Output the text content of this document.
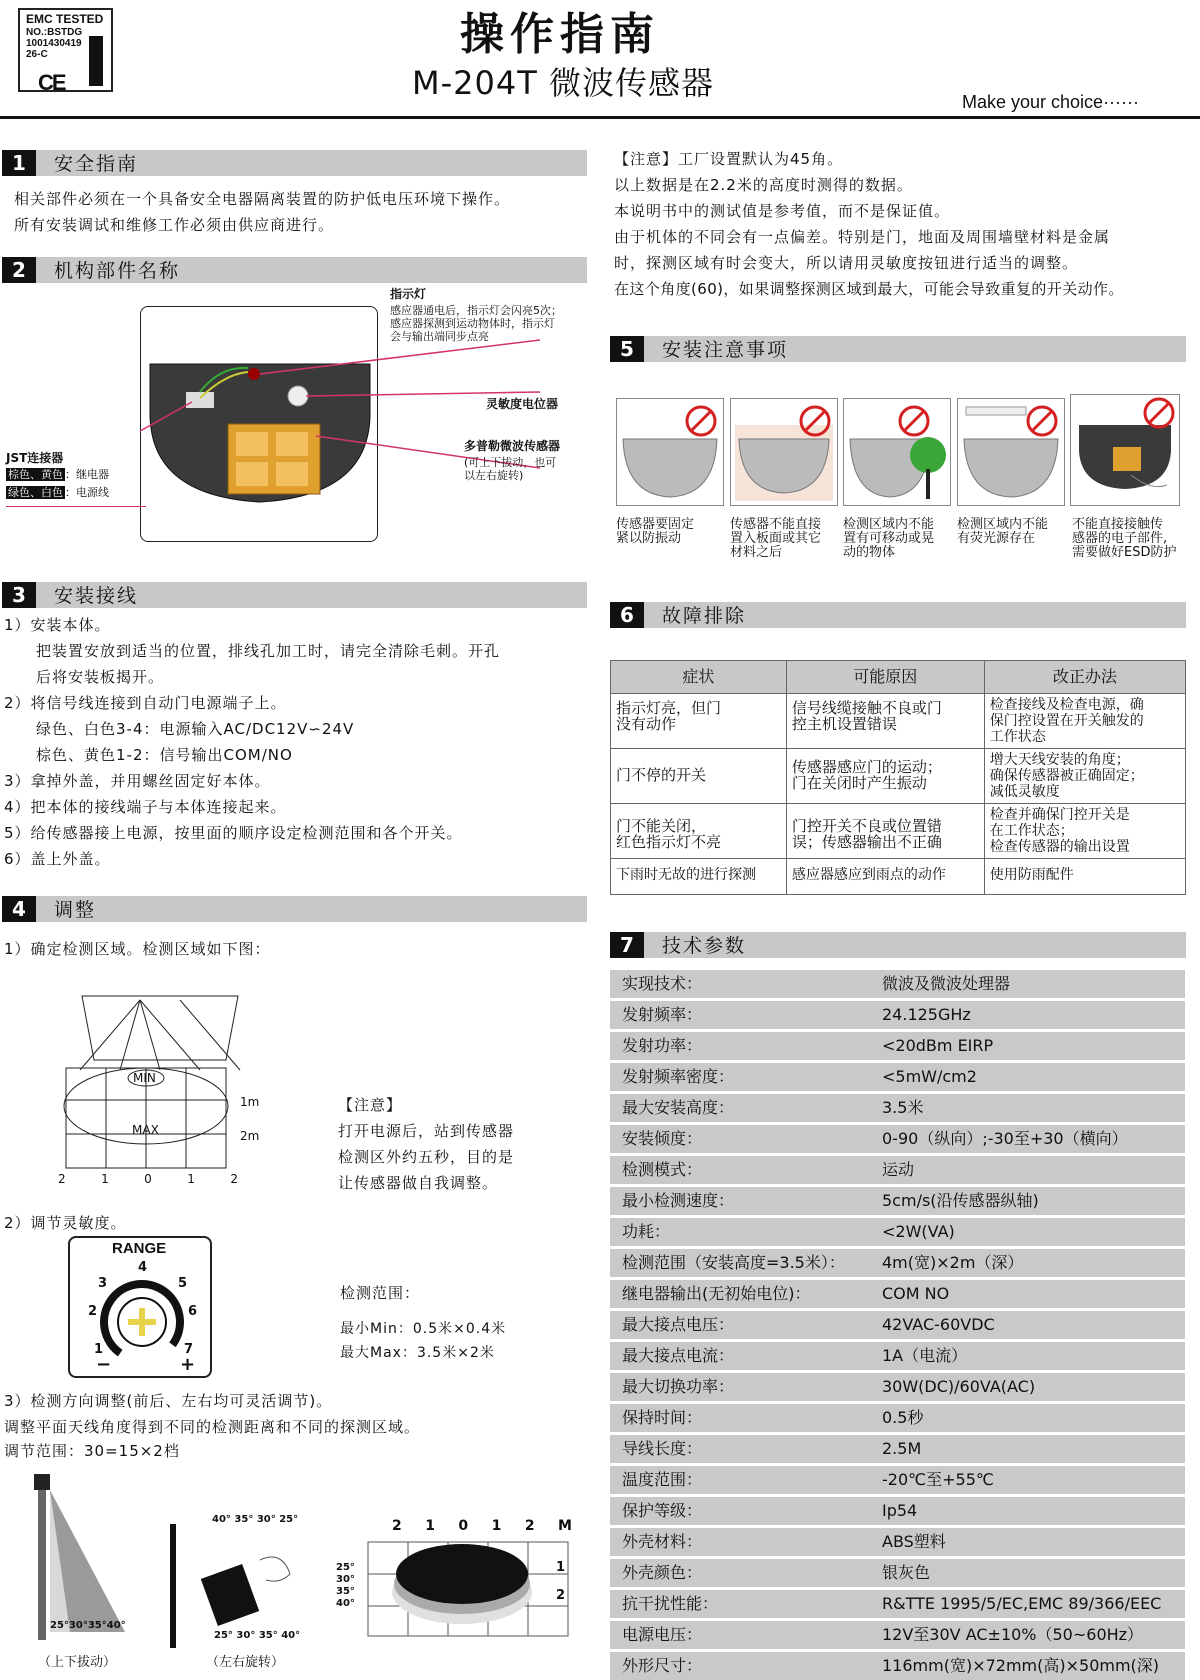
EMC TESTED
NO.:BSTDG
1001430419
26-C
CE
操作指南
M-204T 微波传感器	Make your choice······
1	安全指南
相关部件必须在一个具备安全电器隔离装置的防护低电压环境下操作。
所有安装调试和维修工作必须由供应商进行。
2	机构部件名称
指示灯
感应器通电后，指示灯会闪亮5次；
感应器探测到运动物体时，指示灯
会与输出端同步点亮
灵敏度电位器
多普勒微波传感器
(可上下拔动，也可
以左右旋转)
JST连接器
棕色、黄色 ：继电器
绿色、白色 ：电源线
3	安装接线
1）安装本体。
　　把装置安放到适当的位置，排线孔加工时，请完全清除毛刺。开孔
　　后将安装板揭开。
2）将信号线连接到自动门电源端子上。
　　绿色、白色3-4：电源输入AC/DC12V∽24V
　　棕色、黄色1-2：信号输出COM/NO
3）拿掉外盖，并用螺丝固定好本体。
4）把本体的接线端子与本体连接起来。
5）给传感器接上电源，按里面的顺序设定检测范围和各个开关。
6）盖上外盖。
4	调整
1）确定检测区域。检测区域如下图：
MIN
MAX
1m
2m
2	1	0	1	2
【注意】
打开电源后，站到传感器
检测区外约五秒，目的是
让传感器做自我调整。
2）调节灵敏度。
RANGE
1
2
3
4
5
6
7
−	+
检测范围：
最小Min：0.5米×0.4米
最大Max：3.5米×2米
3）检测方向调整(前后、左右均可灵活调节)。
调整平面天线角度得到不同的检测距离和不同的探测区域。
调节范围：30=15×2档
25°30°35°40°
（上下拔动）
40° 35° 30° 25°
25° 30° 35° 40°
（左右旋转）
25°
30°
35°
40°
2 1 0 1 2 M
1
2
【注意】工厂设置默认为45角。
以上数据是在2.2米的高度时测得的数据。
本说明书中的测试值是参考值，而不是保证值。
由于机体的不同会有一点偏差。特别是门，地面及周围墙壁材料是金属
时，探测区域有时会变大，所以请用灵敏度按钮进行适当的调整。
在这个角度(60)，如果调整探测区域到最大，可能会导致重复的开关动作。
5	安装注意事项
传感器要固定
紧以防振动
传感器不能直接
置入板面或其它
材料之后
检测区域内不能
置有可移动或晃
动的物体
检测区域内不能
有荧光源存在
不能直接接触传
感器的电子部件,
需要做好ESD防护
6	故障排除
症状	可能原因	改正办法
指示灯亮，但门
没有动作	信号线缆接触不良或门
控主机设置错误	检查接线及检查电源，确
保门控设置在开关触发的
工作状态
门不停的开关	传感器感应门的运动；
门在关闭时产生振动	增大天线安装的角度；
确保传感器被正确固定；
减低灵敏度
门不能关闭，
红色指示灯不亮	门控开关不良或位置错
误；传感器输出不正确	检查并确保门控开关是
在工作状态；
检查传感器的输出设置
下雨时无故的进行探测	感应器感应到雨点的动作	使用防雨配件
7	技术参数
实现技术：	微波及微波处理器
发射频率：	24.125GHz
发射功率：	<20dBm EIRP
发射频率密度：	<5mW/cm2
最大安装高度：	3.5米
安装倾度：	0-90（纵向）;-30至+30（横向）
检测模式：	运动
最小检测速度：	5cm/s(沿传感器纵轴)
功耗：	<2W(VA)
检测范围（安装高度=3.5米）： 4m(宽)×2m（深）
继电器输出(无初始电位)：	COM NO
最大接点电压：	42VAC-60VDC
最大接点电流：	1A（电流）
最大切换功率：	30W(DC)/60VA(AC)
保持时间：	0.5秒
导线长度：	2.5M
温度范围：	-20℃至+55℃
保护等级：	Ip54
外壳材料：	ABS塑料
外壳颜色：	银灰色
抗干扰性能：	R&TTE 1995/5/EC,EMC 89/366/EEC
电源电压：	12V至30V AC±10%（50~60Hz）
外形尺寸：	116mm(宽)×72mm(高)×50mm(深)
